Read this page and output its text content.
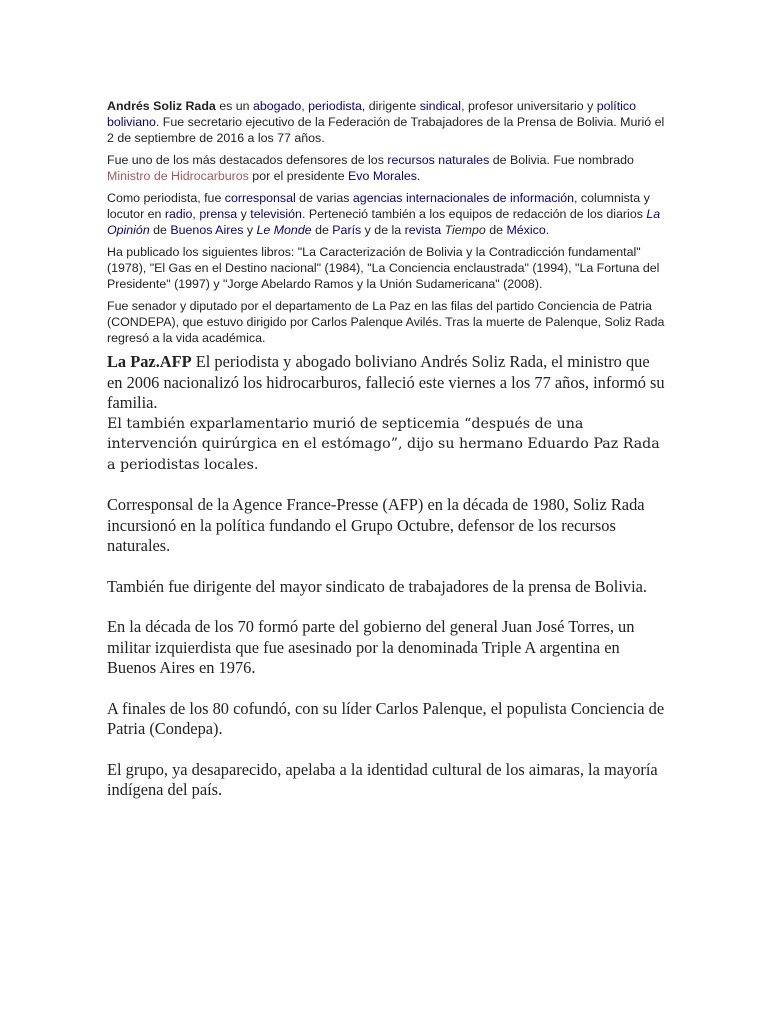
Andrés Soliz Rada es un abogado, periodista, dirigente sindical, profesor universitario y político boliviano. Fue secretario ejecutivo de la Federación de Trabajadores de la Prensa de Bolivia. Murió el 2 de septiembre de 2016 a los 77 años.

Fue uno de los más destacados defensores de los recursos naturales de Bolivia. Fue nombrado Ministro de Hidrocarburos por el presidente Evo Morales.

Como periodista, fue corresponsal de varias agencias internacionales de información, columnista y locutor en radio, prensa y televisión. Perteneció también a los equipos de redacción de los diarios La Opinión de Buenos Aires y Le Monde de París y de la revista Tiempo de México.

Ha publicado los siguientes libros: "La Caracterización de Bolivia y la Contradicción fundamental" (1978), "El Gas en el Destino nacional" (1984), "La Conciencia enclaustrada" (1994), "La Fortuna del Presidente" (1997) y "Jorge Abelardo Ramos y la Unión Sudamericana" (2008).

Fue senador y diputado por el departamento de La Paz en las filas del partido Conciencia de Patria (CONDEPA), que estuvo dirigido por Carlos Palenque Avilés. Tras la muerte de Palenque, Soliz Rada regresó a la vida académica.

La Paz.AFP El periodista y abogado boliviano Andrés Soliz Rada, el ministro que en 2006 nacionalizó los hidrocarburos, falleció este viernes a los 77 años, informó su familia.

El también exparlamentario murió de septicemia “después de una intervención quirúrgica en el estómago”, dijo su hermano Eduardo Paz Rada a periodistas locales.

Corresponsal de la Agence France-Presse (AFP) en la década de 1980, Soliz Rada incursionó en la política fundando el Grupo Octubre, defensor de los recursos naturales.

También fue dirigente del mayor sindicato de trabajadores de la prensa de Bolivia.

En la década de los 70 formó parte del gobierno del general Juan José Torres, un militar izquierdista que fue asesinado por la denominada Triple A argentina en Buenos Aires en 1976.

A finales de los 80 cofundó, con su líder Carlos Palenque, el populista Conciencia de Patria (Condepa).

El grupo, ya desaparecido, apelaba a la identidad cultural de los aimaras, la mayoría indígena del país.
